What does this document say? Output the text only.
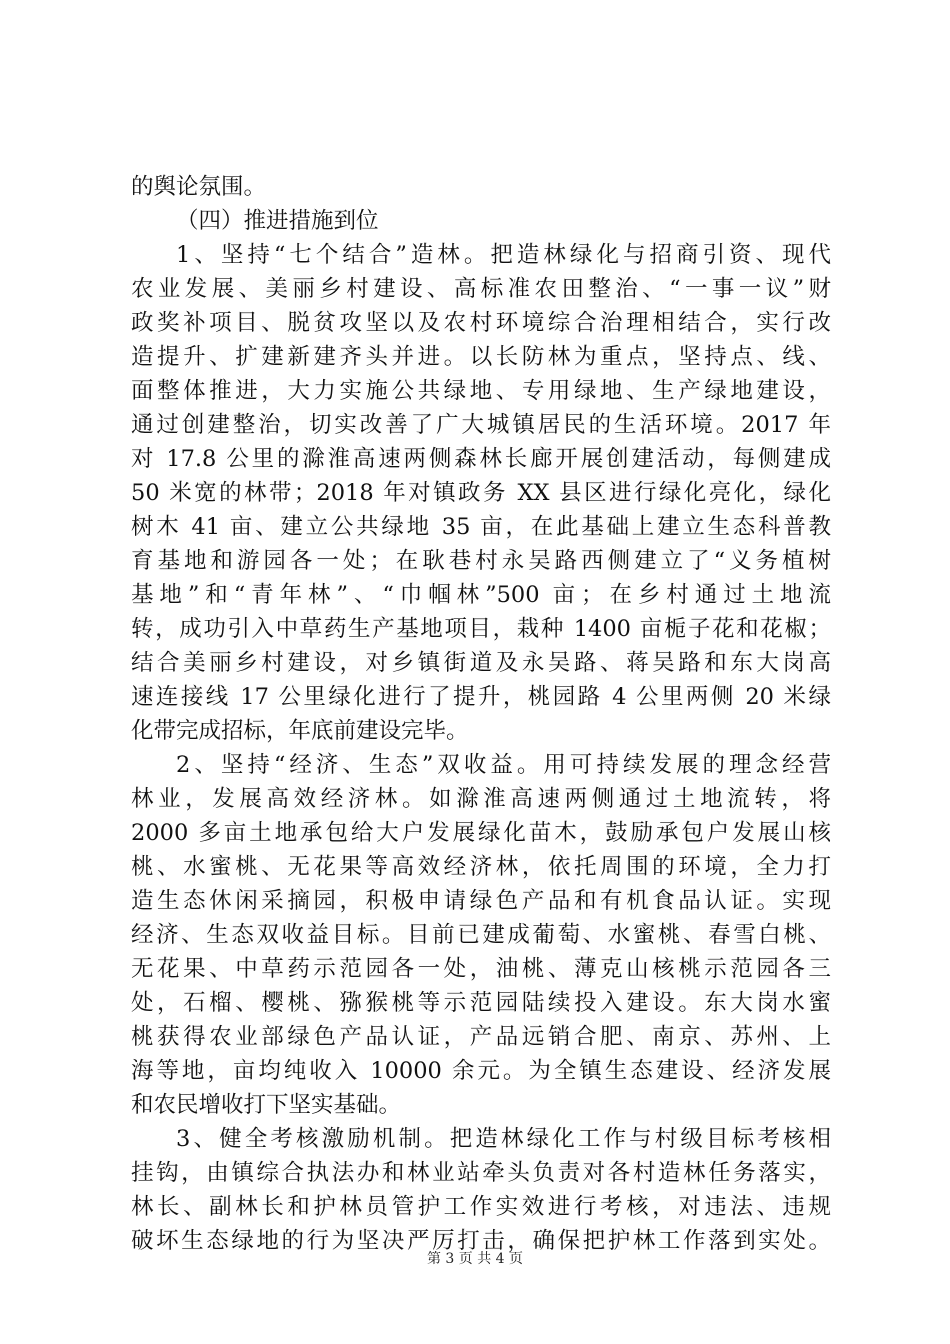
的舆论氛围。
（四）推进措施到位
1、坚持“七个结合”造林。把造林绿化与招商引资、现代
农业发展、美丽乡村建设、高标准农田整治、“一事一议”财
政奖补项目、脱贫攻坚以及农村环境综合治理相结合，实行改
造提升、扩建新建齐头并进。以长防林为重点，坚持点、线、
面整体推进，大力实施公共绿地、专用绿地、生产绿地建设，
通过创建整治，切实改善了广大城镇居民的生活环境。2017 年
对 17.8 公里的滁淮高速两侧森林长廊开展创建活动，每侧建成
50 米宽的林带；2018 年对镇政务 XX 县区进行绿化亮化，绿化
树木 41 亩、建立公共绿地 35 亩，在此基础上建立生态科普教
育基地和游园各一处；在耿巷村永吴路西侧建立了“义务植树
基地”和“青年林”、“巾帼林”500 亩；在乡村通过土地流
转，成功引入中草药生产基地项目，栽种 1400 亩栀子花和花椒；
结合美丽乡村建设，对乡镇街道及永吴路、蒋吴路和东大岗高
速连接线 17 公里绿化进行了提升，桃园路 4 公里两侧 20 米绿
化带完成招标，年底前建设完毕。
2、坚持“经济、生态”双收益。用可持续发展的理念经营
林业，发展高效经济林。如滁淮高速两侧通过土地流转，将
2000 多亩土地承包给大户发展绿化苗木，鼓励承包户发展山核
桃、水蜜桃、无花果等高效经济林，依托周围的环境，全力打
造生态休闲采摘园，积极申请绿色产品和有机食品认证。实现
经济、生态双收益目标。目前已建成葡萄、水蜜桃、春雪白桃、
无花果、中草药示范园各一处，油桃、薄克山核桃示范园各三
处，石榴、樱桃、猕猴桃等示范园陆续投入建设。东大岗水蜜
桃获得农业部绿色产品认证，产品远销合肥、南京、苏州、上
海等地，亩均纯收入 10000 余元。为全镇生态建设、经济发展
和农民增收打下坚实基础。
3、健全考核激励机制。把造林绿化工作与村级目标考核相
挂钩，由镇综合执法办和林业站牵头负责对各村造林任务落实，
林长、副林长和护林员管护工作实效进行考核，对违法、违规
破坏生态绿地的行为坚决严厉打击，确保把护林工作落到实处。
第 3 页 共 4 页
